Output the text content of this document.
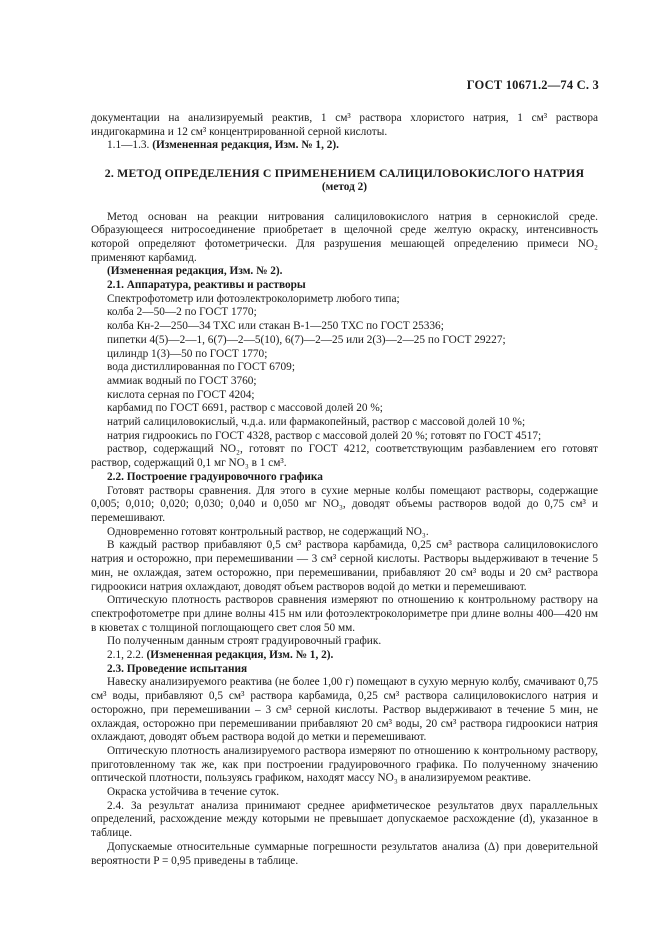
ГОСТ 10671.2—74 С. 3

документации на анализируемый реактив, 1 см³ раствора хлористого натрия, 1 см³ раствора индигокармина и 12 см³ концентрированной серной кислоты.

1.1—1.3. (Измененная редакция, Изм. № 1, 2).

2. МЕТОД ОПРЕДЕЛЕНИЯ С ПРИМЕНЕНИЕМ САЛИЦИЛОВОКИСЛОГО НАТРИЯ
(метод 2)

Метод основан на реакции нитрования салициловокислого натрия в сернокислой среде. Образующееся нитросоединение приобретает в щелочной среде желтую окраску, интенсивность которой определяют фотометрически. Для разрушения мешающей определению примеси NO₂ применяют карбамид.

(Измененная редакция, Изм. № 2).

2.1. Аппаратура, реактивы и растворы

Спектрофотометр или фотоэлектроколориметр любого типа;

колба 2—50—2 по ГОСТ 1770;

колба Кн-2—250—34 ТХС или стакан В-1—250 ТХС по ГОСТ 25336;

пипетки 4(5)—2—1, 6(7)—2—5(10), 6(7)—2—25 или 2(3)—2—25 по ГОСТ 29227;

цилиндр 1(3)—50 по ГОСТ 1770;

вода дистиллированная по ГОСТ 6709;

аммиак водный по ГОСТ 3760;

кислота серная по ГОСТ 4204;

карбамид по ГОСТ 6691, раствор с массовой долей 20 %;

натрий салициловокислый, ч.д.а. или фармакопейный, раствор с массовой долей 10 %;

натрия гидроокись по ГОСТ 4328, раствор с массовой долей 20 %; готовят по ГОСТ 4517;

раствор, содержащий NO₂, готовят по ГОСТ 4212, соответствующим разбавлением его готовят раствор, содержащий 0,1 мг NO₃ в 1 см³.

2.2. Построение градуировочного графика

Готовят растворы сравнения. Для этого в сухие мерные колбы помещают растворы, содержащие 0,005; 0,010; 0,020; 0,030; 0,040 и 0,050 мг NO₃, доводят объемы растворов водой до 0,75 см³ и перемешивают.

Одновременно готовят контрольный раствор, не содержащий NO₃.

В каждый раствор прибавляют 0,5 см³ раствора карбамида, 0,25 см³ раствора салициловокислого натрия и осторожно, при перемешивании — 3 см³ серной кислоты. Растворы выдерживают в течение 5 мин, не охлаждая, затем осторожно, при перемешивании, прибавляют 20 см³ воды и 20 см³ раствора гидроокиси натрия охлаждают, доводят объем растворов водой до метки и перемешивают.

Оптическую плотность растворов сравнения измеряют по отношению к контрольному раствору на спектрофотометре при длине волны 415 нм или фотоэлектроколориметре при длине волны 400—420 нм в кюветах с толщиной поглощающего свет слоя 50 мм.

По полученным данным строят градуировочный график.

2.1, 2.2. (Измененная редакция, Изм. № 1, 2).

2.3. Проведение испытания

Навеску анализируемого реактива (не более 1,00 г) помещают в сухую мерную колбу, смачивают 0,75 см³ воды, прибавляют 0,5 см³ раствора карбамида, 0,25 см³ раствора салициловокислого натрия и осторожно, при перемешивании – 3 см³ серной кислоты. Раствор выдерживают в течение 5 мин, не охлаждая, осторожно при перемешивании прибавляют 20 см³ воды, 20 см³ раствора гидроокиси натрия охлаждают, доводят объем раствора водой до метки и перемешивают.

Оптическую плотность анализируемого раствора измеряют по отношению к контрольному раствору, приготовленному так же, как при построении градуировочного графика. По полученному значению оптической плотности, пользуясь графиком, находят массу NO₃ в анализируемом реактиве.

Окраска устойчива в течение суток.

2.4. За результат анализа принимают среднее арифметическое результатов двух параллельных определений, расхождение между которыми не превышает допускаемое расхождение (d), указанное в таблице.

Допускаемые относительные суммарные погрешности результатов анализа (Δ) при доверительной вероятности P = 0,95 приведены в таблице.
